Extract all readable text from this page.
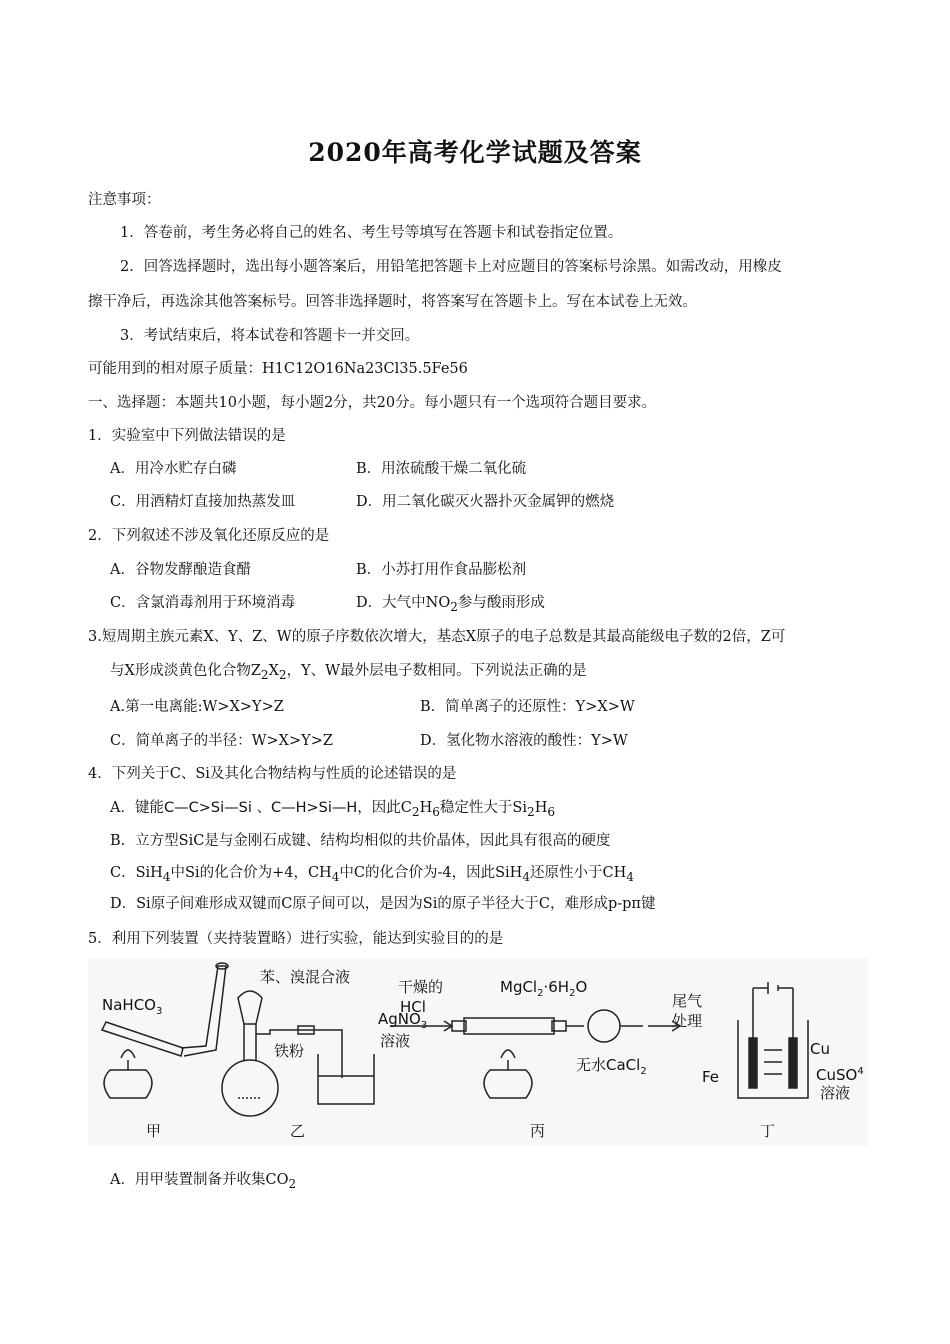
2020年高考化学试题及答案
注意事项：
1．答卷前，考生务必将自己的姓名、考生号等填写在答题卡和试卷指定位置。
2．回答选择题时，选出每小题答案后，用铅笔把答题卡上对应题目的答案标号涂黑。如需改动，用橡皮
擦干净后，再选涂其他答案标号。回答非选择题时，将答案写在答题卡上。写在本试卷上无效。
3．考试结束后，将本试卷和答题卡一并交回。
可能用到的相对原子质量：H1C12O16Na23Cl35.5Fe56
一、选择题：本题共10小题，每小题2分，共20分。每小题只有一个选项符合题目要求。
1．实验室中下列做法错误的是
A．用冷水贮存白磷	B．用浓硫酸干燥二氧化硫
C．用酒精灯直接加热蒸发皿	D．用二氧化碳灭火器扑灭金属钾的燃烧
2．下列叙述不涉及氧化还原反应的是
A．谷物发酵酿造食醋	B．小苏打用作食品膨松剂
C．含氯消毒剂用于环境消毒	D．大气中$NO_2$参与酸雨形成
3.短周期主族元素X、Y、Z、W的原子序数依次增大，基态X原子的电子总数是其最高能级电子数的2倍，Z可
与X形成淡黄色化合物$Z_2X_2$，Y、W最外层电子数相同。下列说法正确的是
A.第一电离能:W>X>Y>Z	B．简单离子的还原性：Y>X>W
C．简单离子的半径：W>X>Y>Z	D．氢化物水溶液的酸性：Y>W
4．下列关于C、Si及其化合物结构与性质的论述错误的是
A．键能C—C>Si—Si 、C—H>Si—H，因此$C_2H_6$稳定性大于$Si_2H_6$
B．立方型SiC是与金刚石成键、结构均相似的共价晶体，因此具有很高的硬度
C．SiH$_4$中Si的化合价为+4，$CH_4$中C的化合价为-4，因此SiH$_4$还原性小于$CH_4$
D．Si原子间难形成双键而C原子间可以，是因为Si的原子半径大于C，难形成p-pπ键
5．利用下列装置（夹持装置略）进行实验，能达到实验目的的是
NaHCO$_3$
苯、溴混合液
铁粉
AgNO$_3$
溶液
干燥的
HCl
$MgCl_2\cdot 6H_2O$
无水CaCl$_2$
尾气
处理
Cu
Fe	CuSO$^4$
溶液
甲	乙	丙	丁
A．用甲装置制备并收集$CO_2$
